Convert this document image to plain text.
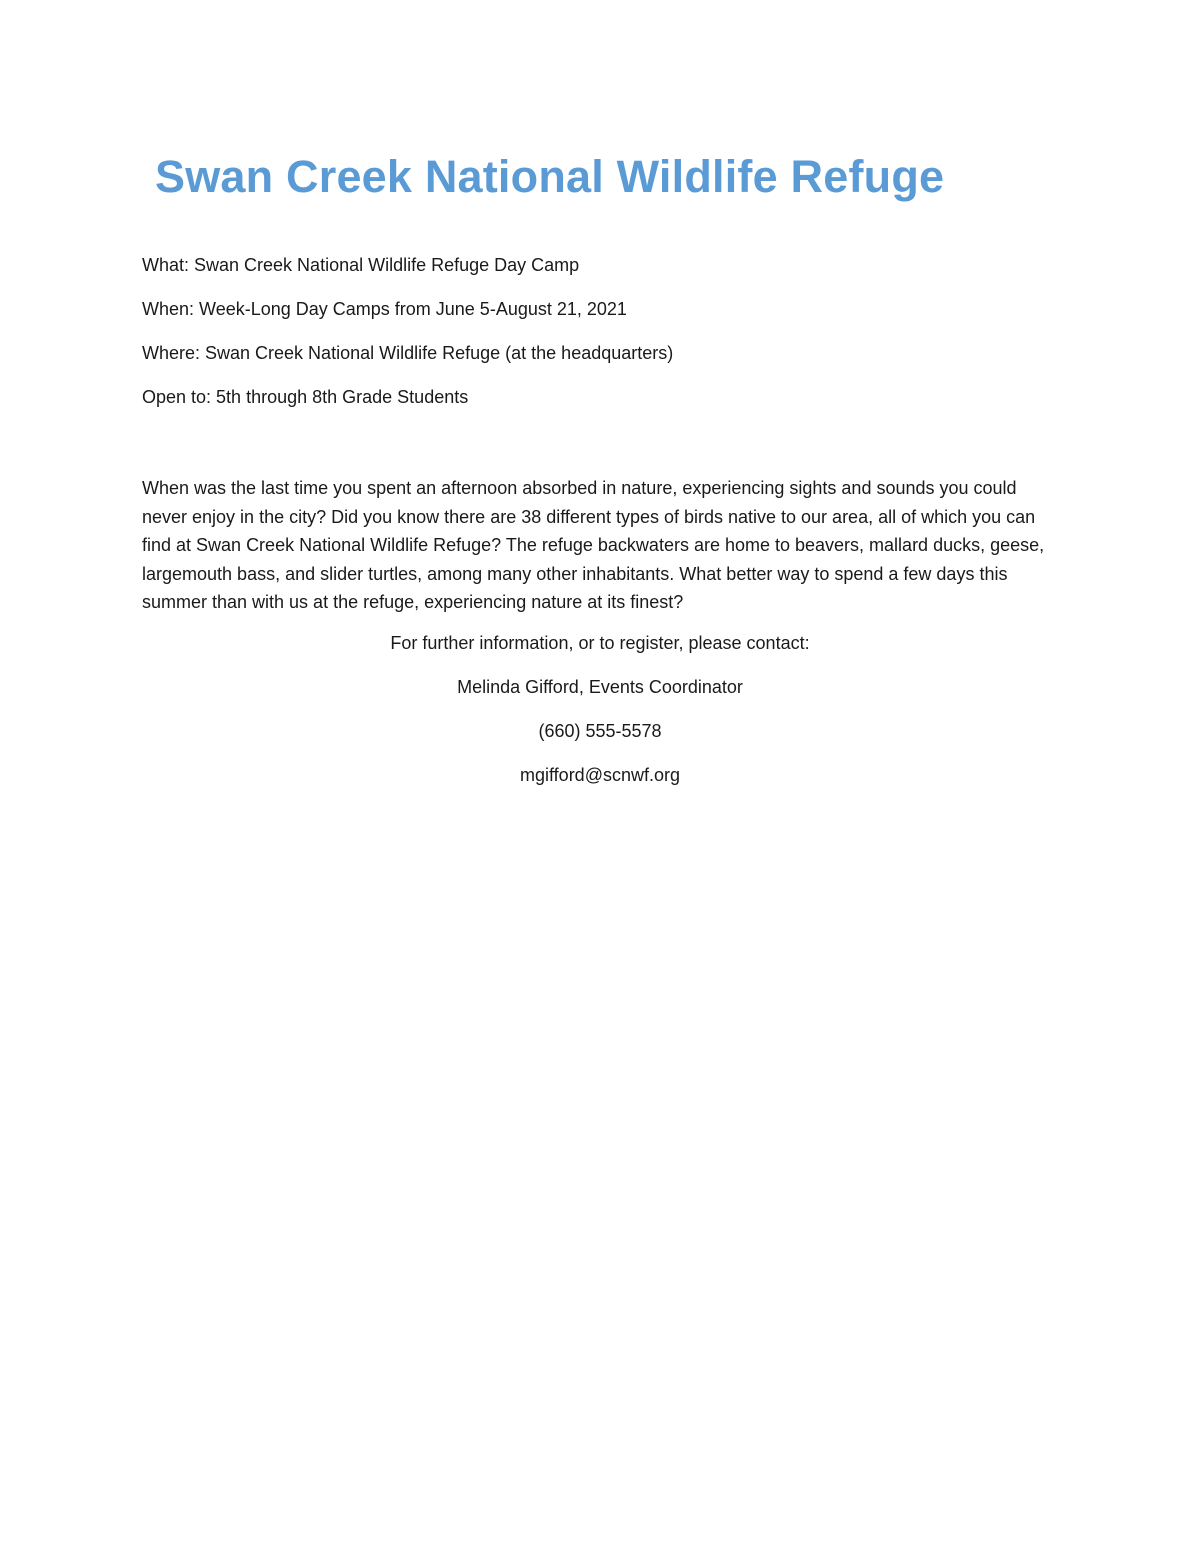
Swan Creek National Wildlife Refuge

What: Swan Creek National Wildlife Refuge Day Camp

When: Week-Long Day Camps from June 5-August 21, 2021

Where: Swan Creek National Wildlife Refuge (at the headquarters)

Open to: 5th through 8th Grade Students

When was the last time you spent an afternoon absorbed in nature, experiencing sights and sounds you could never enjoy in the city? Did you know there are 38 different types of birds native to our area, all of which you can find at Swan Creek National Wildlife Refuge? The refuge backwaters are home to beavers, mallard ducks, geese, largemouth bass, and slider turtles, among many other inhabitants. What better way to spend a few days this summer than with us at the refuge, experiencing nature at its finest?

For further information, or to register, please contact:

Melinda Gifford, Events Coordinator

(660) 555-5578

mgifford@scnwf.org
